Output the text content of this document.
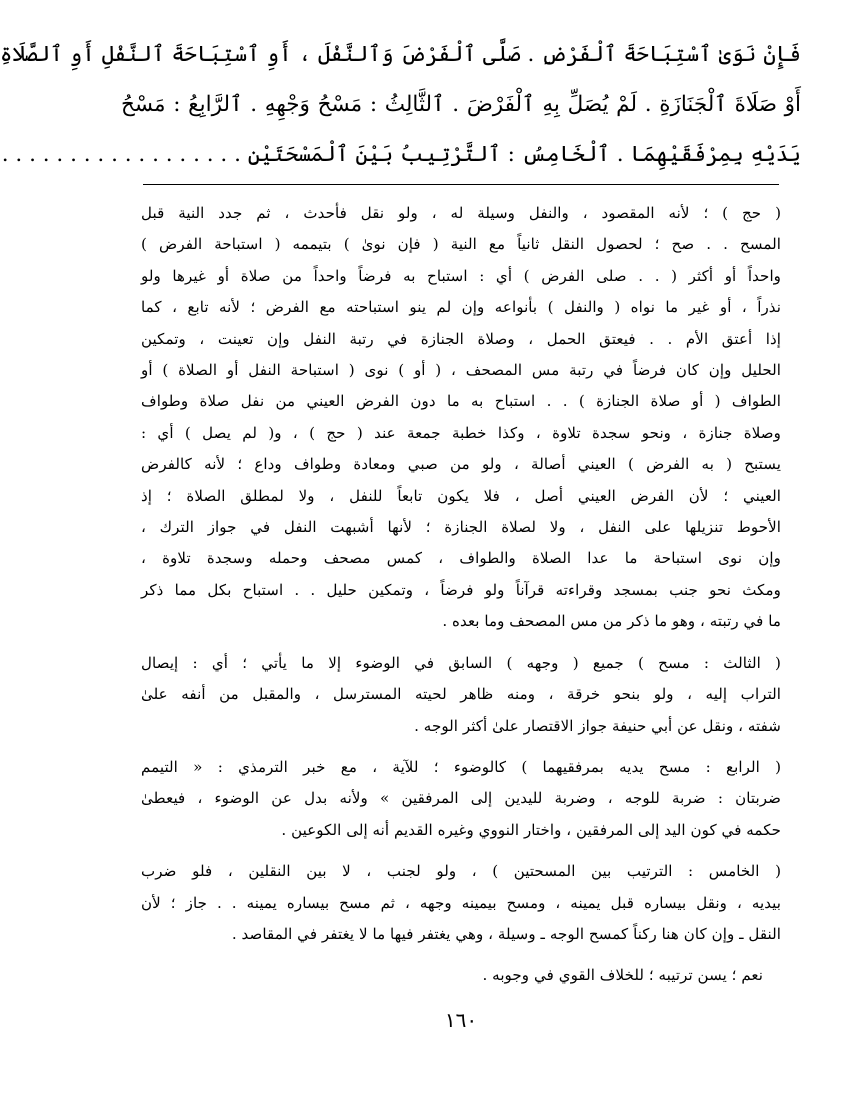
فَإِنْ نَوَىٰ ٱسْتِبَاحَةَ ٱلْفَرْضِ . صَلَّى ٱلْفَرْضَ وَٱلنَّفْلَ ، أَوِ ٱسْتِبَاحَةَ ٱلنَّفْلِ أَوِ ٱلصَّلَاةِ
أَوْ صَلَاةَ ٱلْجَنَازَةِ . لَمْ يُصَلِّ بِهِ ٱلْفَرْضَ . ٱلثَّالِثُ : مَسْحُ وَجْهِهِ . ٱلرَّابِعُ : مَسْحُ
يَدَيْهِ بِمِرْفَقَيْهِمَا . ٱلْخَامِسُ : ٱلتَّرْتِيبُ بَيْنَ ٱلْمَسْحَتَيْنِ . . . . . . . . . . . . . . . . . .

( حج ) ؛ لأنه المقصود ، والنفل وسيلة له ، ولو نقل فأحدث ، ثم جدد النية قبل
المسح . . صح ؛ لحصول النقل ثانياً مع النية ( فإن نوىٰ ) بتيممه ( استباحة الفرض )
واحداً أو أكثر ( . . صلى الفرض ) أي : استباح به فرضاً واحداً من صلاة أو غيرها ولو
نذراً ، أو غير ما نواه ( والنفل ) بأنواعه وإن لم ينو استباحته مع الفرض ؛ لأنه تابع ، كما
إذا أعتق الأم . . فيعتق الحمل ، وصلاة الجنازة في رتبة النفل وإن تعينت ، وتمكين
الحليل وإن كان فرضاً في رتبة مس المصحف ، ( أو ) نوى ( استباحة النفل أو الصلاة ) أو
الطواف ( أو صلاة الجنازة ) . . استباح به ما دون الفرض العيني من نفل صلاة وطواف
وصلاة جنازة ، ونحو سجدة تلاوة ، وكذا خطبة جمعة عند ( حج ) ، و( لم يصل ) أي :
يستبح ( به الفرض ) العيني أصالة ، ولو من صبي ومعادة وطواف وداع ؛ لأنه كالفرض
العيني ؛ لأن الفرض العيني أصل ، فلا يكون تابعاً للنفل ، ولا لمطلق الصلاة ؛ إذ
الأحوط تنزيلها على النفل ، ولا لصلاة الجنازة ؛ لأنها أشبهت النفل في جواز الترك ،
وإن نوى استباحة ما عدا الصلاة والطواف ، كمس مصحف وحمله وسجدة تلاوة ،
ومكث نحو جنب بمسجد وقراءته قرآناً ولو فرضاً ، وتمكين حليل . . استباح بكل مما ذكر
ما في رتبته ، وهو ما ذكر من مس المصحف وما بعده .

( الثالث : مسح ) جميع ( وجهه ) السابق في الوضوء إلا ما يأتي ؛ أي : إيصال
التراب إليه ، ولو بنحو خرقة ، ومنه ظاهر لحيته المسترسل ، والمقبل من أنفه علىٰ
شفته ، ونقل عن أبي حنيفة جواز الاقتصار علىٰ أكثر الوجه .

( الرابع : مسح يديه بمرفقيهما ) كالوضوء ؛ للآية ، مع خبر الترمذي : « التيمم
ضربتان : ضربة للوجه ، وضربة لليدين إلى المرفقين » ولأنه بدل عن الوضوء ، فيعطىٰ
حكمه في كون اليد إلى المرفقين ، واختار النووي وغيره القديم أنه إلى الكوعين .

( الخامس : الترتيب بين المسحتين ) ، ولو لجنب ، لا بين النقلين ، فلو ضرب
بيديه ، ونقل بيساره قبل يمينه ، ومسح بيمينه وجهه ، ثم مسح بيساره يمينه . . جاز ؛ لأن
النقل ـ وإن كان هنا ركناً كمسح الوجه ـ وسيلة ، وهي يغتفر فيها ما لا يغتفر في المقاصد .

نعم ؛ يسن ترتيبه ؛ للخلاف القوي في وجوبه .

١٦٠
